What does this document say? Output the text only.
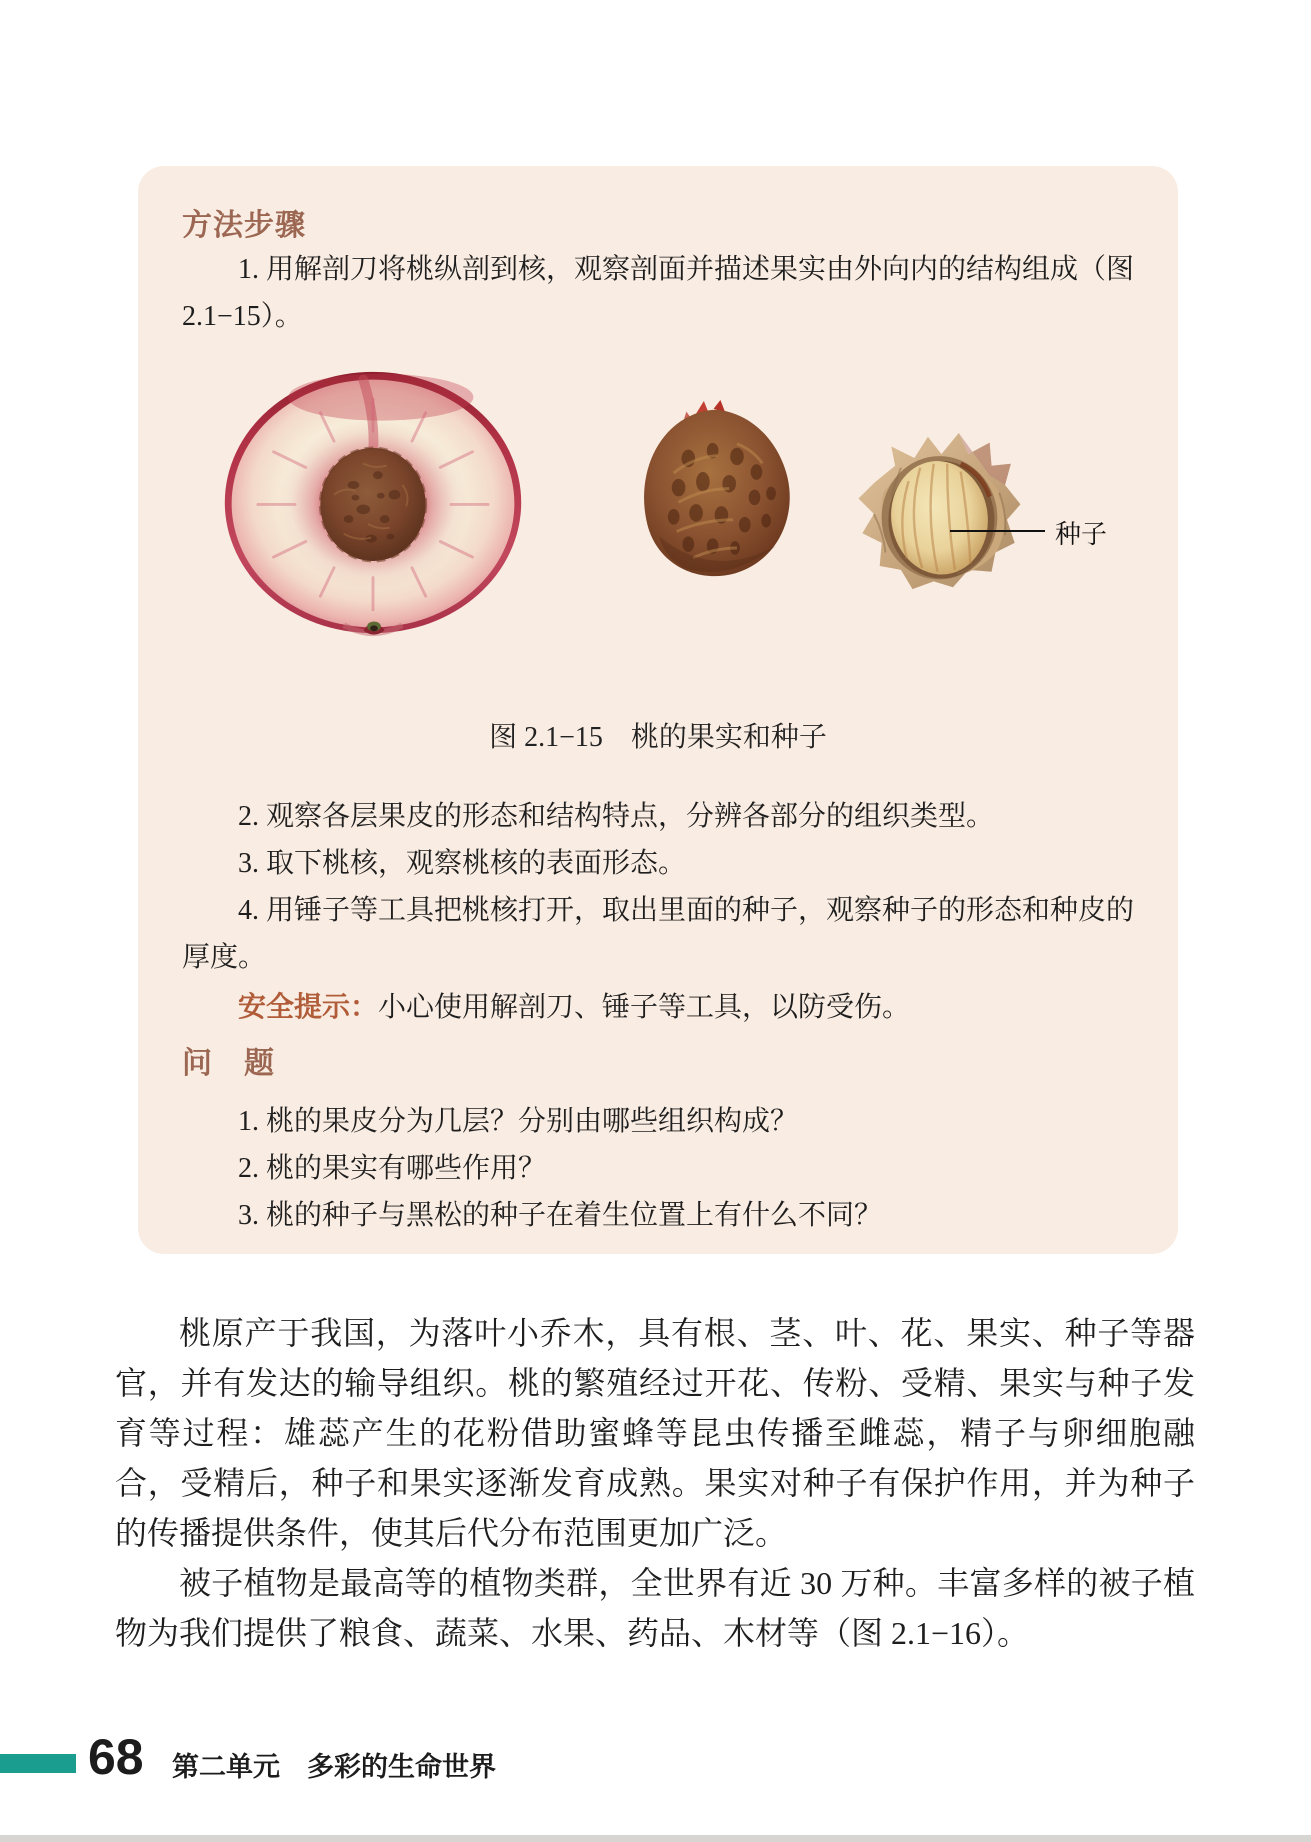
方法步骤

1. 用解剖刀将桃纵剖到核，观察剖面并描述果实由外向内的结构组成（图2.1−15）。

种子
图 2.1−15　桃的果实和种子

2. 观察各层果皮的形态和结构特点，分辨各部分的组织类型。

3. 取下桃核，观察桃核的表面形态。

4. 用锤子等工具把桃核打开，取出里面的种子，观察种子的形态和种皮的厚度。

安全提示：小心使用解剖刀、锤子等工具，以防受伤。

问　题

1. 桃的果皮分为几层？分别由哪些组织构成？

2. 桃的果实有哪些作用？

3. 桃的种子与黑松的种子在着生位置上有什么不同？

桃原产于我国，为落叶小乔木，具有根、茎、叶、花、果实、种子等器官，并有发达的输导组织。桃的繁殖经过开花、传粉、受精、果实与种子发育等过程：雄蕊产生的花粉借助蜜蜂等昆虫传播至雌蕊，精子与卵细胞融合，受精后，种子和果实逐渐发育成熟。果实对种子有保护作用，并为种子的传播提供条件，使其后代分布范围更加广泛。

被子植物是最高等的植物类群，全世界有近 30 万种。丰富多样的被子植物为我们提供了粮食、蔬菜、水果、药品、木材等（图 2.1−16）。

68 第二单元　多彩的生命世界
